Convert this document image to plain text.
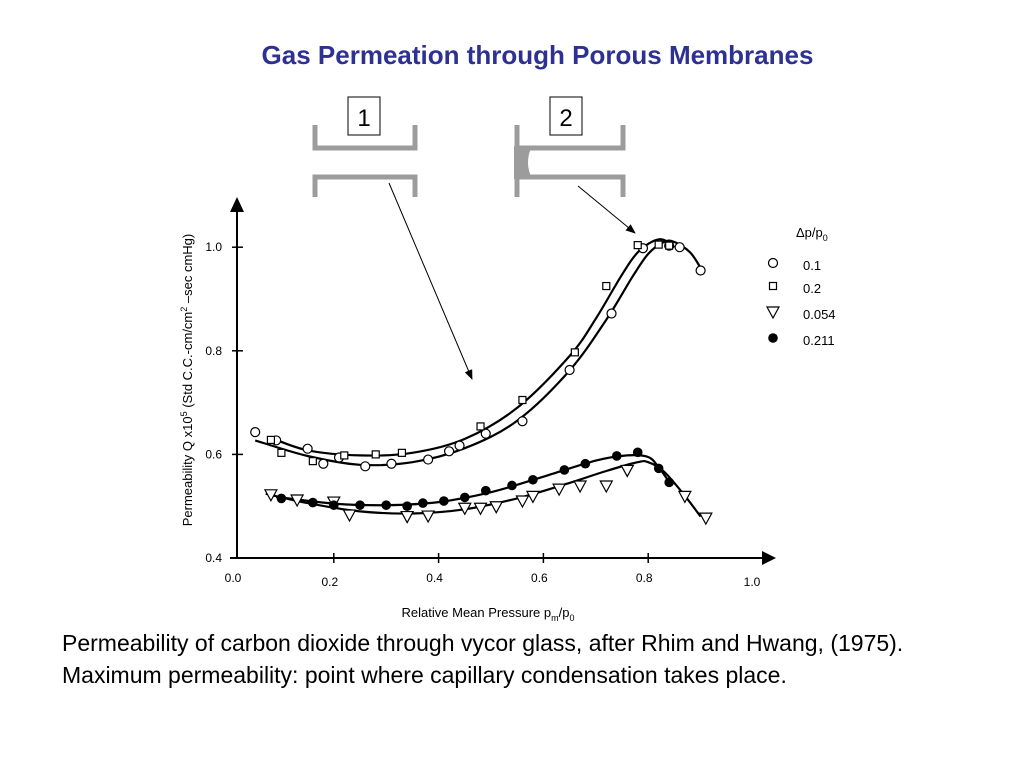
Gas Permeation through Porous Membranes
1	2
Relative Mean Pressure $p_m/p_0$
Permeability Q $x10^5$ (Std $C.C.-cm/cm^2$ –sec cmHg)
0.0	0.2	0.4	0.6	0.8	1.0
0.4
0.6
0.8
1.0
$\Delta p/p_0$
0.1
0.2
0.054
0.211
Permeability of carbon dioxide through vycor glass, after Rhim and Hwang, (1975).
Maximum permeability: point where capillary condensation takes place.
